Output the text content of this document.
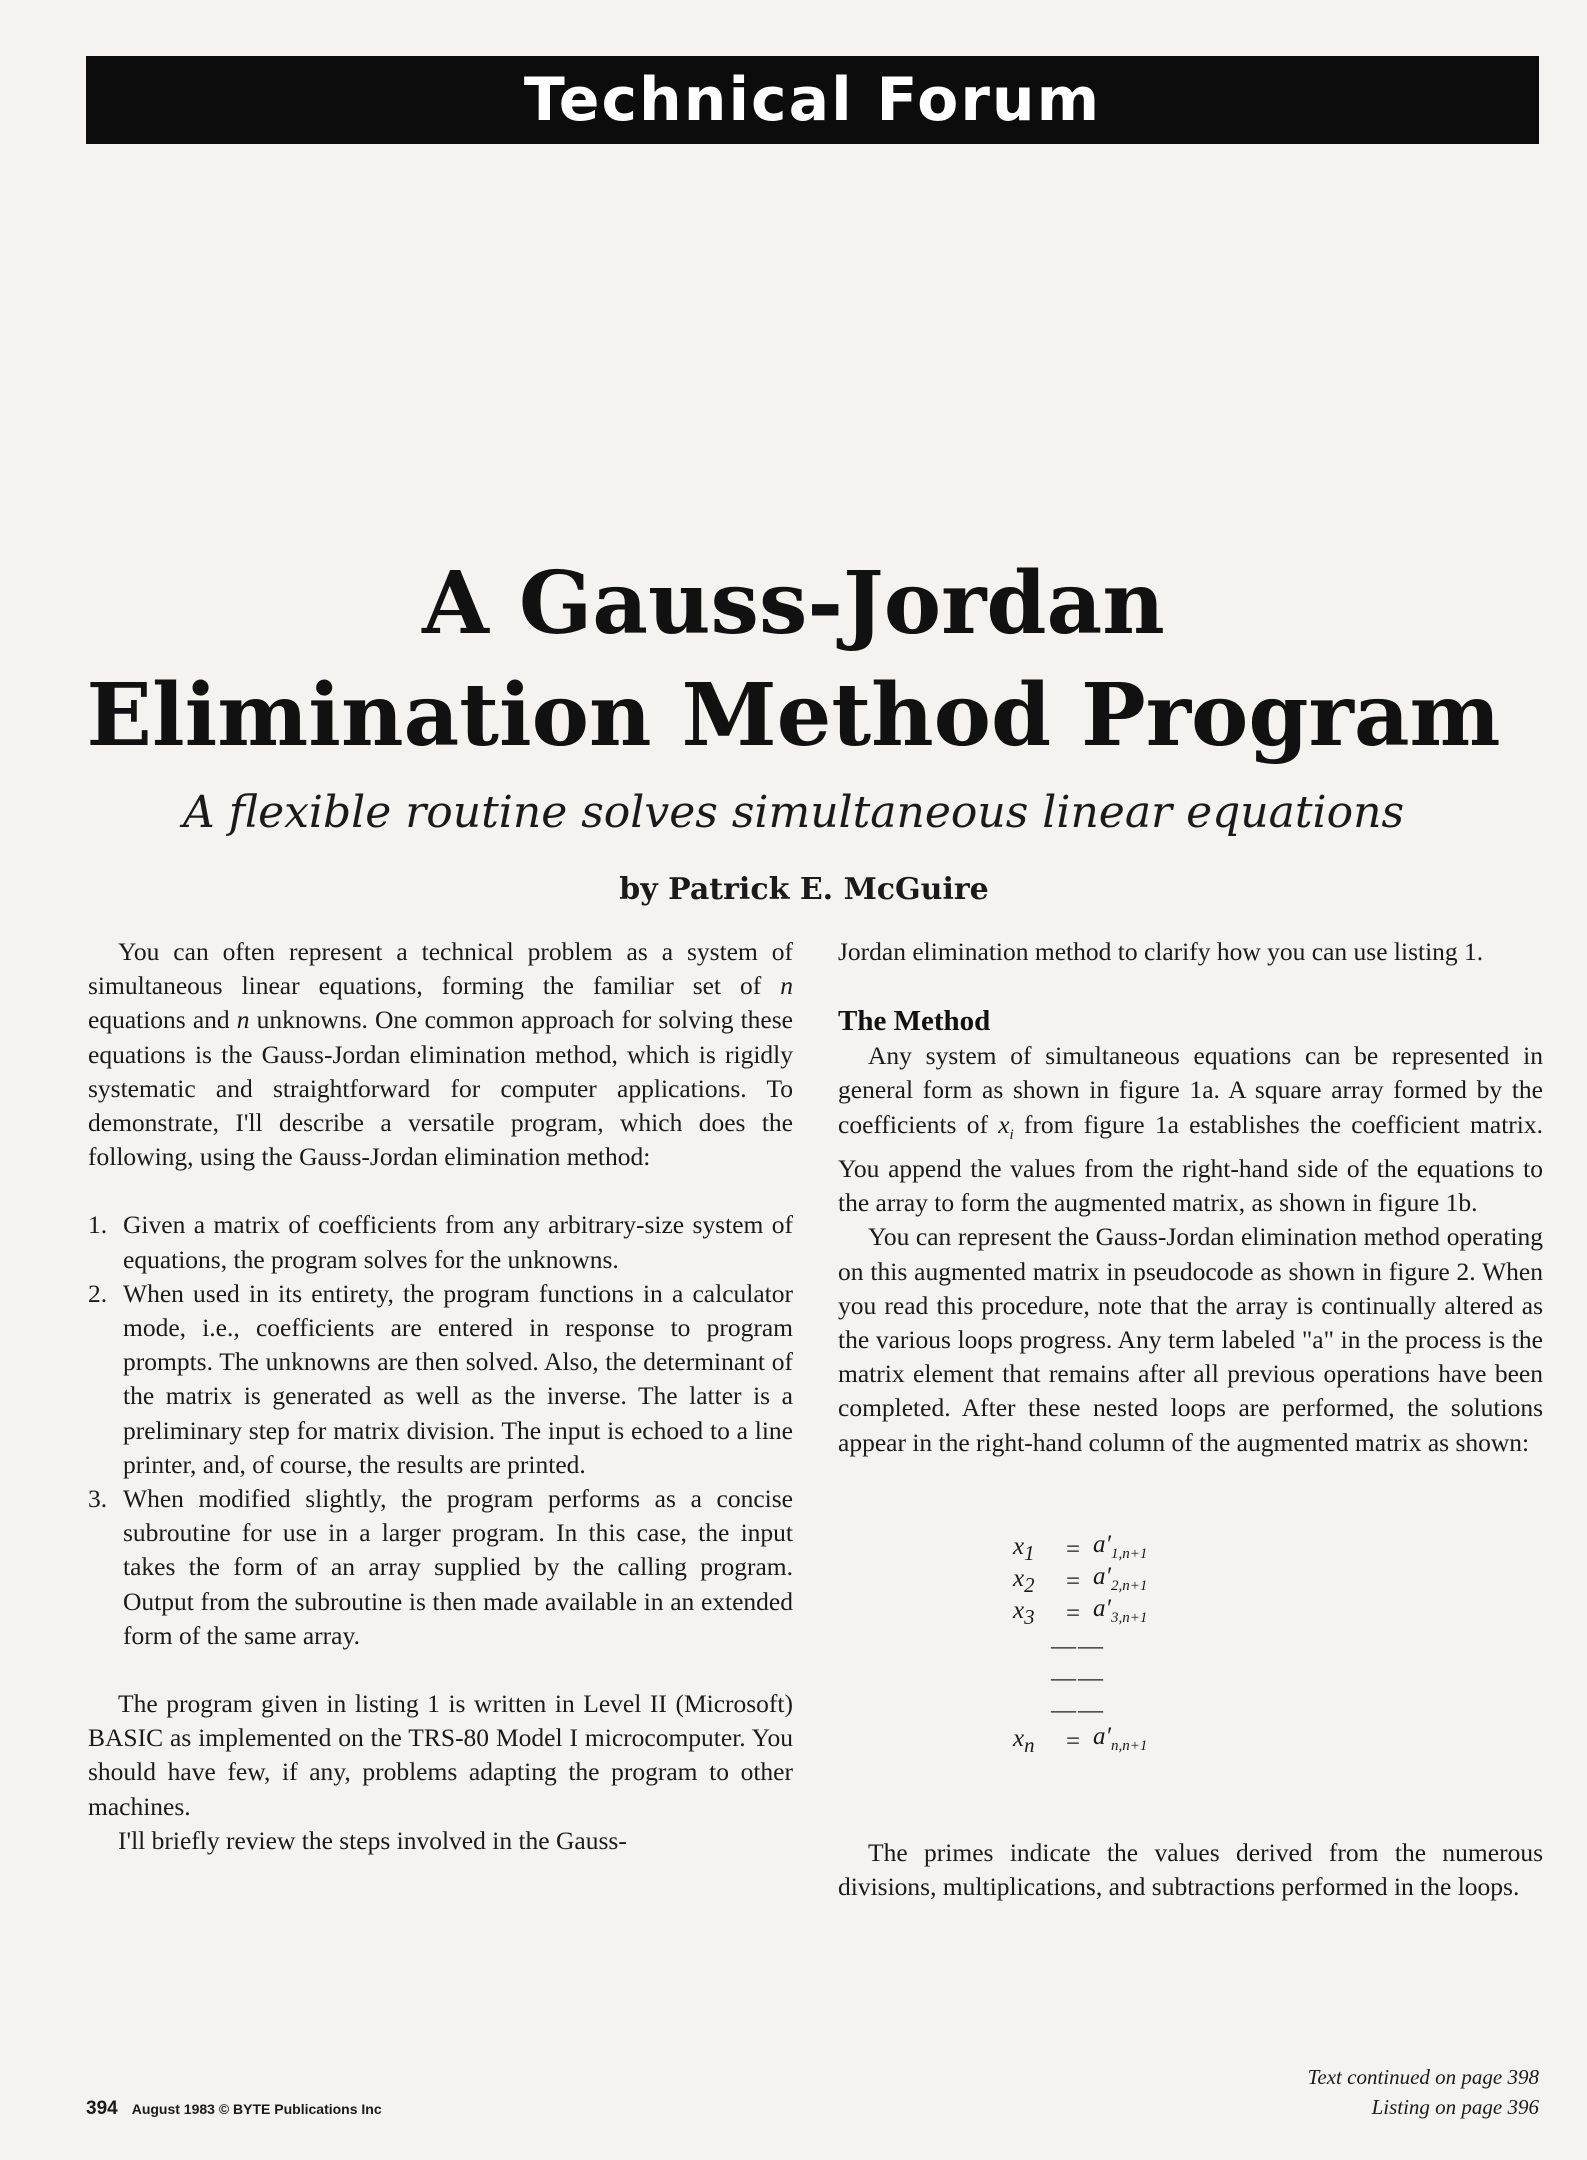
Technical Forum
A Gauss-Jordan
Elimination Method Program
A flexible routine solves simultaneous linear equations
by Patrick E. McGuire

You can often represent a technical problem as a system of simultaneous linear equations, forming the familiar set of n equations and n unknowns. One common approach for solving these equations is the Gauss-Jordan elimination method, which is rigidly systematic and straightforward for computer applications. To demonstrate, I'll describe a versatile program, which does the following, using the Gauss-Jordan elimination method:

1. Given a matrix of coefficients from any arbitrary-size system of equations, the program solves for the unknowns.
2. When used in its entirety, the program functions in a calculator mode, i.e., coefficients are entered in response to program prompts. The unknowns are then solved. Also, the determinant of the matrix is generated as well as the inverse. The latter is a preliminary step for matrix division. The input is echoed to a line printer, and, of course, the results are printed.
3. When modified slightly, the program performs as a concise subroutine for use in a larger program. In this case, the input takes the form of an array supplied by the calling program. Output from the subroutine is then made available in an extended form of the same array.

The program given in listing 1 is written in Level II (Microsoft) BASIC as implemented on the TRS-80 Model I microcomputer. You should have few, if any, problems adapting the program to other machines.

I'll briefly review the steps involved in the Gauss-

Jordan elimination method to clarify how you can use listing 1.

The Method

Any system of simultaneous equations can be represented in general form as shown in figure 1a. A square array formed by the coefficients of $x_i$ from figure 1a establishes the coefficient matrix. You append the values from the right-hand side of the equations to the array to form the augmented matrix, as shown in figure 1b.

You can represent the Gauss-Jordan elimination method operating on this augmented matrix in pseudocode as shown in figure 2. When you read this procedure, note that the array is continually altered as the various loops progress. Any term labeled "a" in the process is the matrix element that remains after all previous operations have been completed. After these nested loops are performed, the solutions appear in the right-hand column of the augmented matrix as shown:

$x_1$	= $a'_{1,n+1}$
$x_2$	= $a'_{2,n+1}$
$x_3$	= $a'_{3,n+1}$
——
——
——
$x_n$	= $a'_{n,n+1}$

The primes indicate the values derived from the numerous divisions, multiplications, and subtractions performed in the loops.

Text continued on page 398
Listing on page 396
394 August 1983 © BYTE Publications Inc
